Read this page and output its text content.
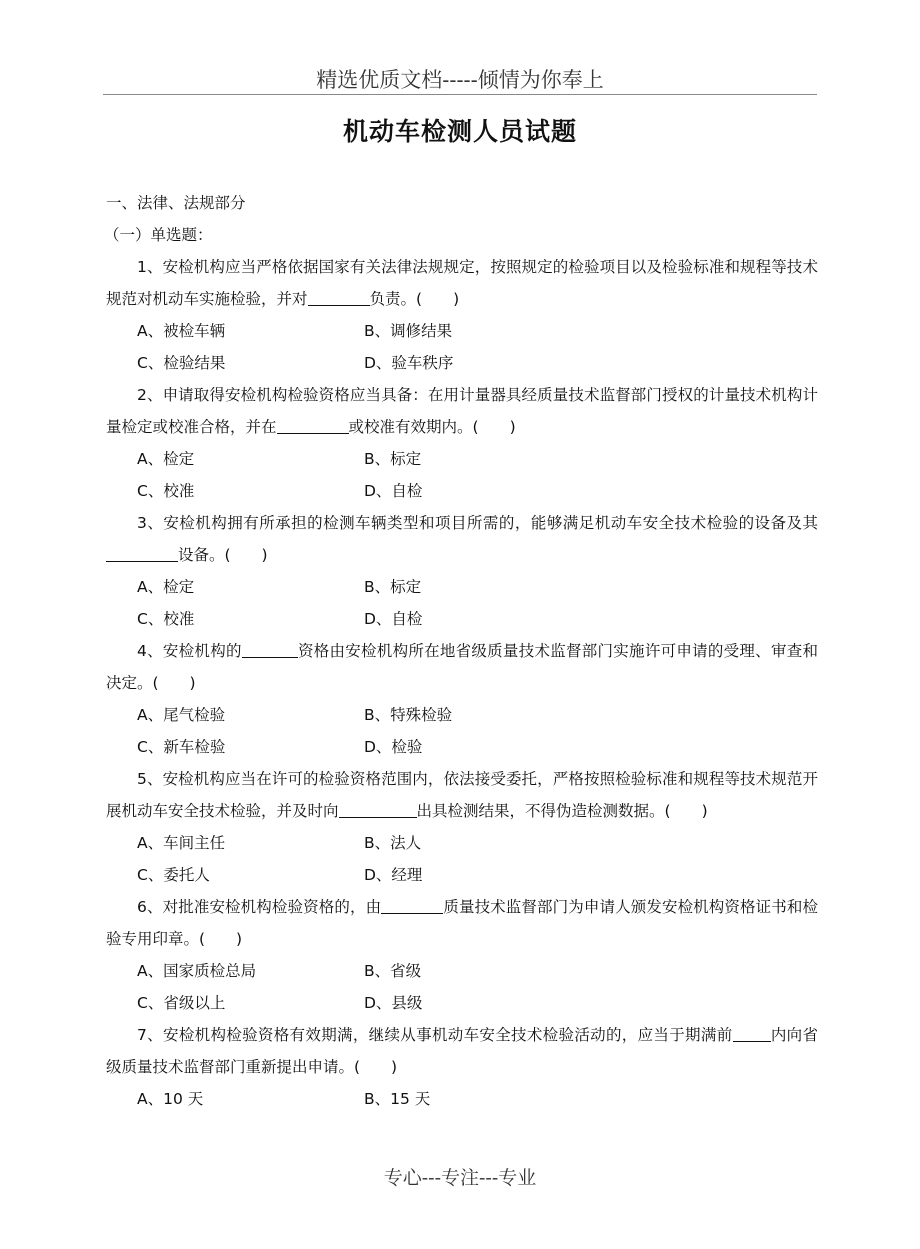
精选优质文档-----倾情为你奉上
机动车检测人员试题
一、法律、法规部分
（一）单选题：
1、安检机构应当严格依据国家有关法律法规规定，按照规定的检验项目以及检验标准和规程等技术规范对机动车实施检验，并对	负责。(　　)
A、被检车辆	B、调修结果
C、检验结果	D、验车秩序
2、申请取得安检机构检验资格应当具备：在用计量器具经质量技术监督部门授权的计量技术机构计量检定或校准合格，并在	或校准有效期内。(　　)
A、检定	B、标定
C、校准	D、自检
3、安检机构拥有所承担的检测车辆类型和项目所需的，能够满足机动车安全技术检验的设备及其设备。(　　)
A、检定	B、标定
C、校准	D、自检
4、安检机构的	资格由安检机构所在地省级质量技术监督部门实施许可申请的受理、审查和决定。(　　)
A、尾气检验	B、特殊检验
C、新车检验	D、检验
5、安检机构应当在许可的检验资格范围内，依法接受委托，严格按照检验标准和规程等技术规范开展机动车安全技术检验，并及时向	出具检测结果，不得伪造检测数据。(　　)
A、车间主任	B、法人
C、委托人	D、经理
6、对批准安检机构检验资格的，由	质量技术监督部门为申请人颁发安检机构资格证书和检验专用印章。(　　)
A、国家质检总局	B、省级
C、省级以上	D、县级
7、安检机构检验资格有效期满，继续从事机动车安全技术检验活动的，应当于期满前 内向省级质量技术监督部门重新提出申请。(　　)
A、10 天	B、15 天
专心---专注---专业
